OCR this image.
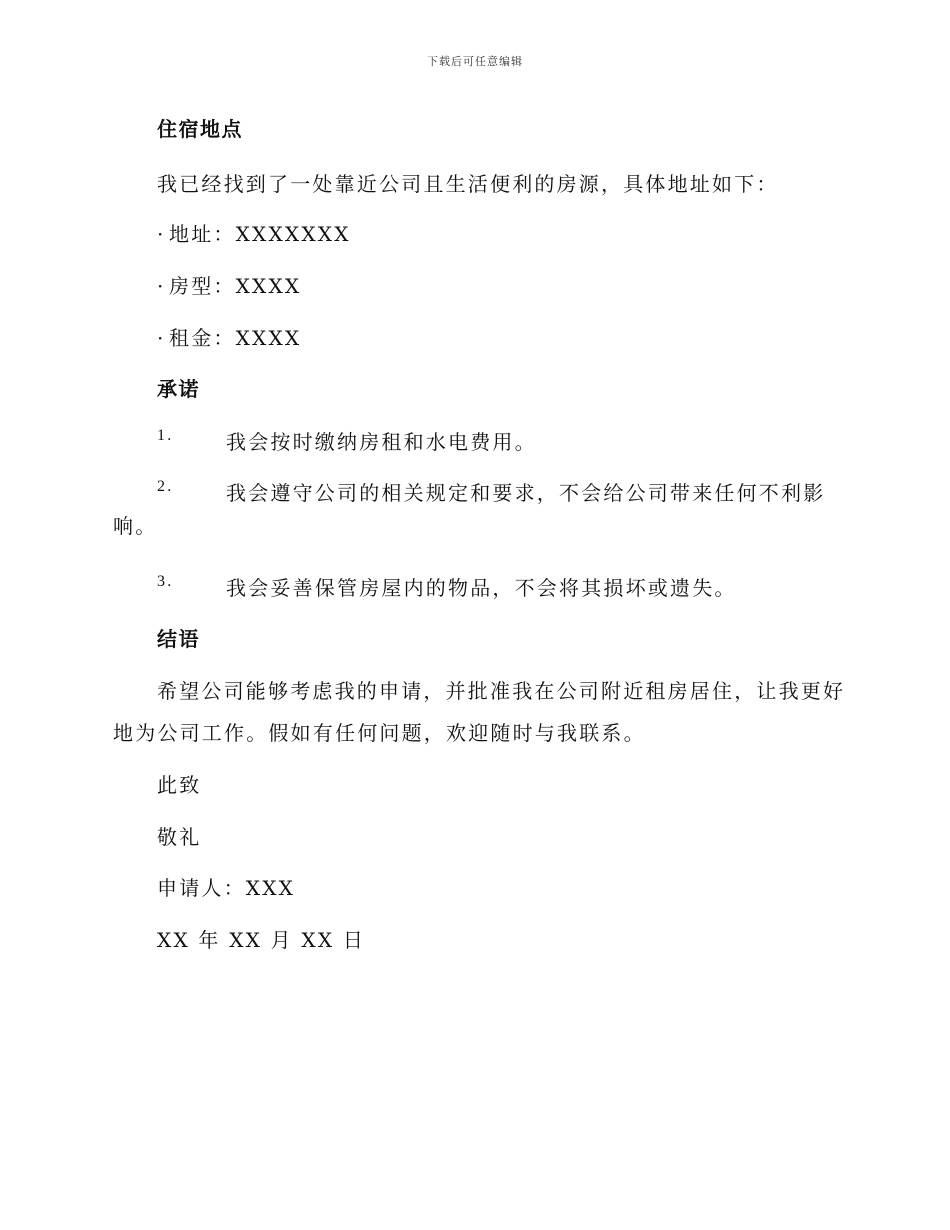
下载后可任意编辑
住宿地点
我已经找到了一处靠近公司且生活便利的房源，具体地址如下：
· 地址：XXXXXXX
· 房型：XXXX
· 租金：XXXX
承诺
1.	我会按时缴纳房租和水电费用。
2.	我会遵守公司的相关规定和要求，不会给公司带来任何不利影
响。
3.	我会妥善保管房屋内的物品，不会将其损坏或遗失。
结语
希望公司能够考虑我的申请，并批准我在公司附近租房居住，让我更好
地为公司工作。假如有任何问题，欢迎随时与我联系。
此致
敬礼
申请人：XXX
XX 年 XX 月 XX 日
